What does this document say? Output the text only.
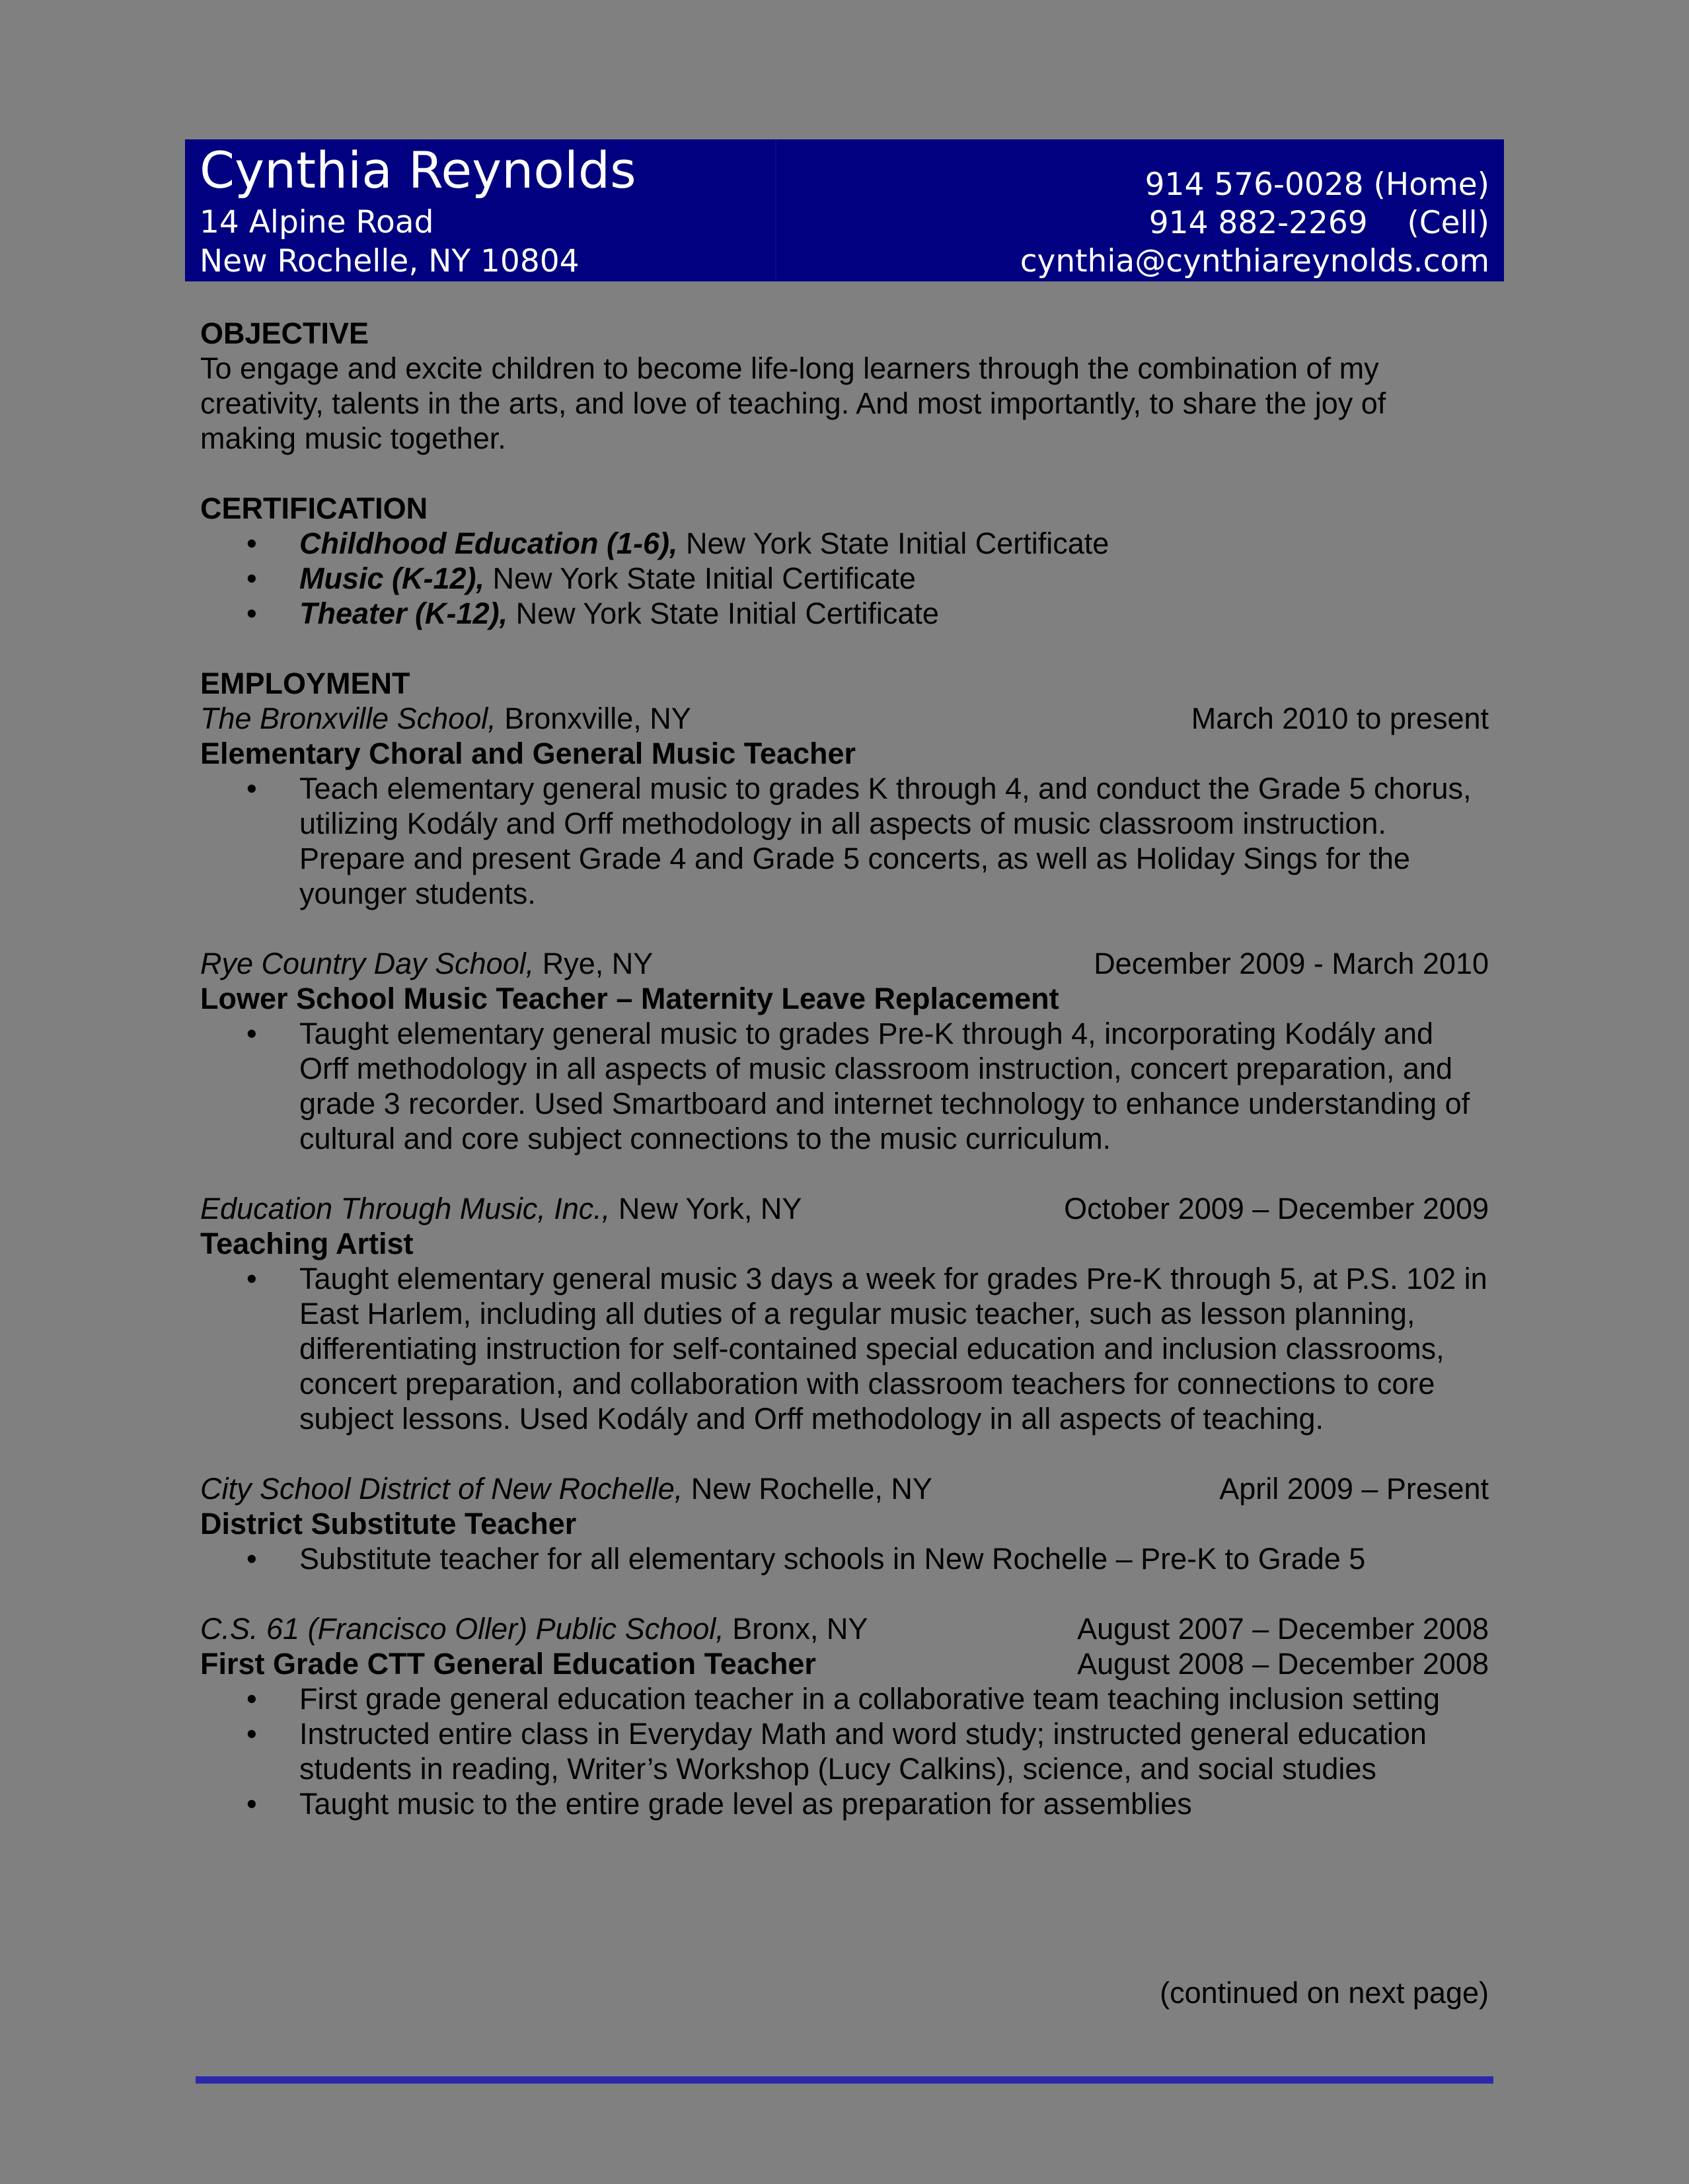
Cynthia Reynolds
14 Alpine Road
New Rochelle, NY 10804
914 576-0028 (Home)
914 882-2269    (Cell)
cynthia@cynthiareynolds.com
OBJECTIVE

To engage and excite children to become life-long learners through the combination of my creativity, talents in the arts, and love of teaching. And most importantly, to share the joy of making music together.

CERTIFICATION
•	Childhood Education (1-6), New York State Initial Certificate
•	Music (K-12), New York State Initial Certificate
•	Theater (K-12), New York State Initial Certificate
EMPLOYMENT
The Bronxville School, Bronxville, NY	March 2010 to present
Elementary Choral and General Music Teacher
•	Teach elementary general music to grades K through 4, and conduct the Grade 5 chorus, utilizing Kodály and Orff methodology in all aspects of music classroom instruction. Prepare and present Grade 4 and Grade 5 concerts, as well as Holiday Sings for the younger students.
Rye Country Day School, Rye, NY	December 2009 - March 2010
Lower School Music Teacher – Maternity Leave Replacement
•	Taught elementary general music to grades Pre-K through 4, incorporating Kodály and Orff methodology in all aspects of music classroom instruction, concert preparation, and grade 3 recorder. Used Smartboard and internet technology to enhance understanding of cultural and core subject connections to the music curriculum.
Education Through Music, Inc., New York, NY	October 2009 – December 2009
Teaching Artist
•	Taught elementary general music 3 days a week for grades Pre-K through 5, at P.S. 102 in East Harlem, including all duties of a regular music teacher, such as lesson planning, differentiating instruction for self-contained special education and inclusion classrooms, concert preparation, and collaboration with classroom teachers for connections to core subject lessons. Used Kodály and Orff methodology in all aspects of teaching.
City School District of New Rochelle, New Rochelle, NY	April 2009 – Present
District Substitute Teacher
•	Substitute teacher for all elementary schools in New Rochelle – Pre-K to Grade 5
C.S. 61 (Francisco Oller) Public School, Bronx, NY	August 2007 – December 2008
First Grade CTT General Education Teacher	August 2008 – December 2008
•	First grade general education teacher in a collaborative team teaching inclusion setting
•	Instructed entire class in Everyday Math and word study; instructed general education students in reading, Writer’s Workshop (Lucy Calkins), science, and social studies
•	Taught music to the entire grade level as preparation for assemblies
(continued on next page)
